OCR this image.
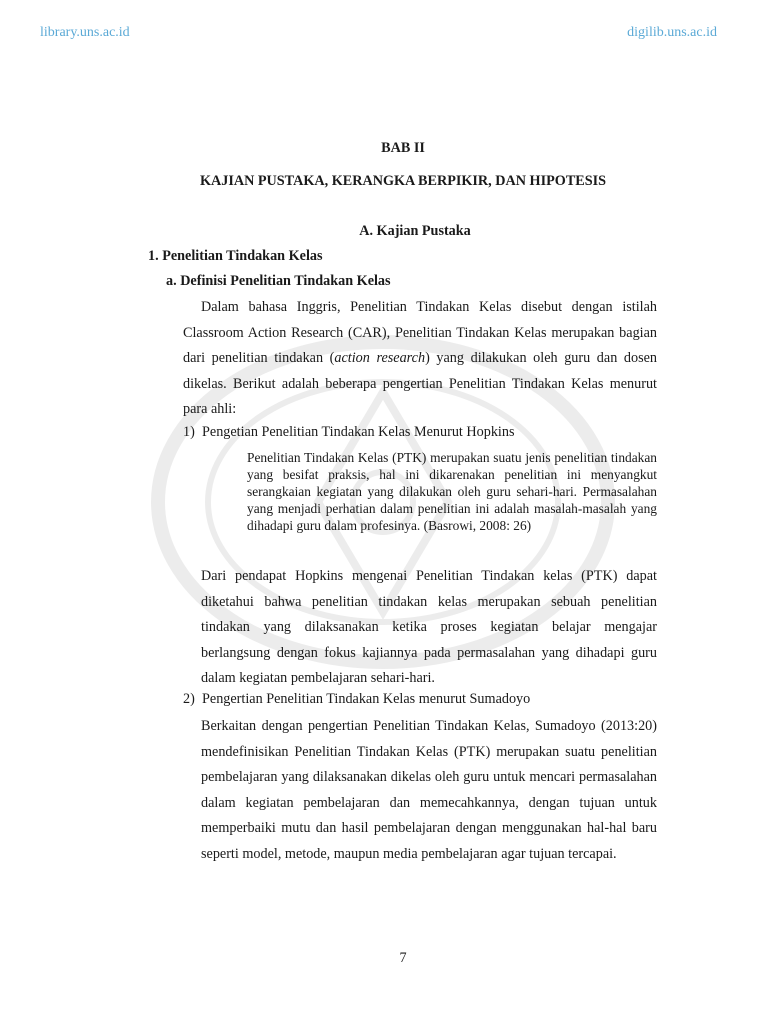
library.uns.ac.id	digilib.uns.ac.id
BAB II
KAJIAN PUSTAKA, KERANGKA BERPIKIR, DAN HIPOTESIS
A. Kajian Pustaka
1. Penelitian Tindakan Kelas
a. Definisi Penelitian Tindakan Kelas
Dalam bahasa Inggris, Penelitian Tindakan Kelas disebut dengan istilah Classroom Action Research (CAR), Penelitian Tindakan Kelas merupakan bagian dari penelitian tindakan (action research) yang dilakukan oleh guru dan dosen dikelas. Berikut adalah beberapa pengertian Penelitian Tindakan Kelas menurut para ahli:
1) Pengetian Penelitian Tindakan Kelas Menurut Hopkins
Penelitian Tindakan Kelas (PTK) merupakan suatu jenis penelitian tindakan yang besifat praksis, hal ini dikarenakan penelitian ini menyangkut serangkaian kegiatan yang dilakukan oleh guru sehari-hari. Permasalahan yang menjadi perhatian dalam penelitian ini adalah masalah-masalah yang dihadapi guru dalam profesinya. (Basrowi, 2008: 26)
Dari pendapat Hopkins mengenai Penelitian Tindakan kelas (PTK) dapat diketahui bahwa penelitian tindakan kelas merupakan sebuah penelitian tindakan yang dilaksanakan ketika proses kegiatan belajar mengajar berlangsung dengan fokus kajiannya pada permasalahan yang dihadapi guru dalam kegiatan pembelajaran sehari-hari.
2) Pengertian Penelitian Tindakan Kelas menurut Sumadoyo
Berkaitan dengan pengertian Penelitian Tindakan Kelas, Sumadoyo (2013:20) mendefinisikan Penelitian Tindakan Kelas (PTK) merupakan suatu penelitian pembelajaran yang dilaksanakan dikelas oleh guru untuk mencari permasalahan dalam kegiatan pembelajaran dan memecahkannya, dengan tujuan untuk memperbaiki mutu dan hasil pembelajaran dengan menggunakan hal-hal baru seperti model, metode, maupun media pembelajaran agar tujuan tercapai.
7
